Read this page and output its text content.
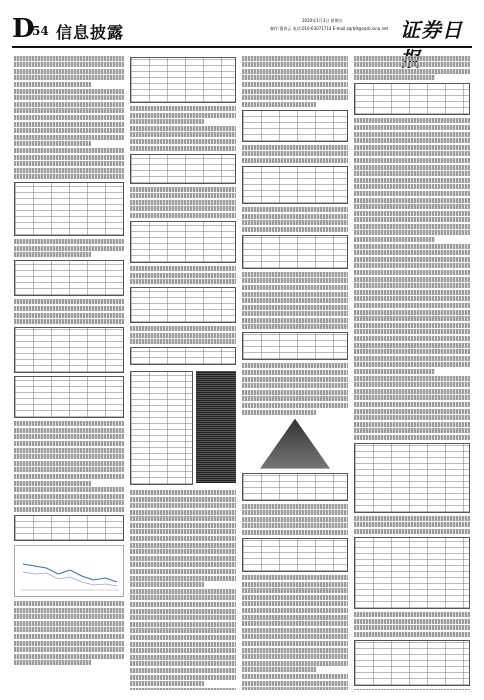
D
54 信息披露
2020年1月3日 星期五
制作:董春云 电话:010-63071714 E-mail:zqrb9@zqrb.sina.net 证券日
